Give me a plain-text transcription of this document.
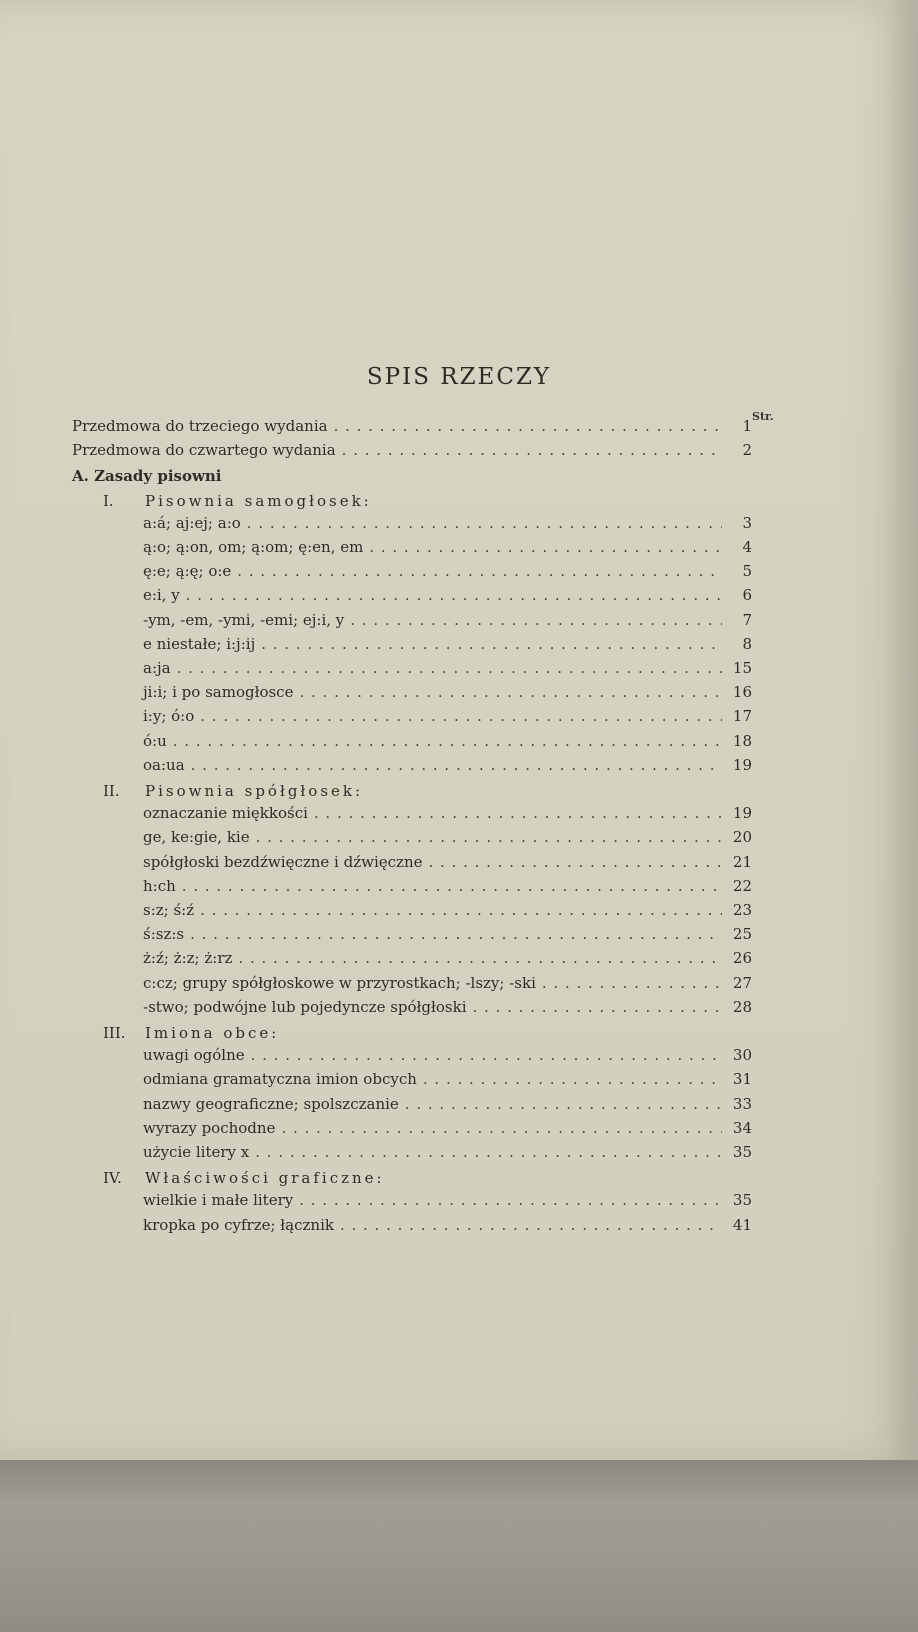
SPIS RZECZY
Str.
Przedmowa do trzeciego wydania . . .	1
Przedmowa do czwartego wydania . . .	2
A. Zasady pisowni
I. Pisownia samogłosek:
a:á; aj:ej; a:o . . .	3
ą:o; ą:on, om; ą:om; ę:en, em . . .	4
ę:e; ą:ę; o:e . . .	5
e:i, y . . .	6
-ym, -em, -ymi, -emi; ej:i, y . . .	7
e niestałe; i:j:ij . . .	8
a:ja . . .	15
ji:i; i po samogłosce . . .	16
i:y; ó:o . . .	17
ó:u . . .	18
oa:ua . . .	19
II. Pisownia spółgłosek:
oznaczanie miękkości . . .	19
ge, ke:gie, kie . . .	20
spółgłoski bezdźwięczne i dźwięczne . . .	21
h:ch . . .	22
s:z; ś:ź . . .	23
ś:sz:s . . .	25
ż:ź; ż:z; ż:rz . . .	26
c:cz; grupy spółgłoskowe w przyrostkach; -lszy; -ski . . .	27
-stwo; podwójne lub pojedyncze spółgłoski . . .	28
III. Imiona obce:
uwagi ogólne . . .	30
odmiana gramatyczna imion obcych . . .	31
nazwy geograficzne; spolszczanie . . .	33
wyrazy pochodne . . .	34
użycie litery x . . .	35
IV. Właściwości graficzne:
wielkie i małe litery . . .	35
kropka po cyfrze; łącznik . . .	41
